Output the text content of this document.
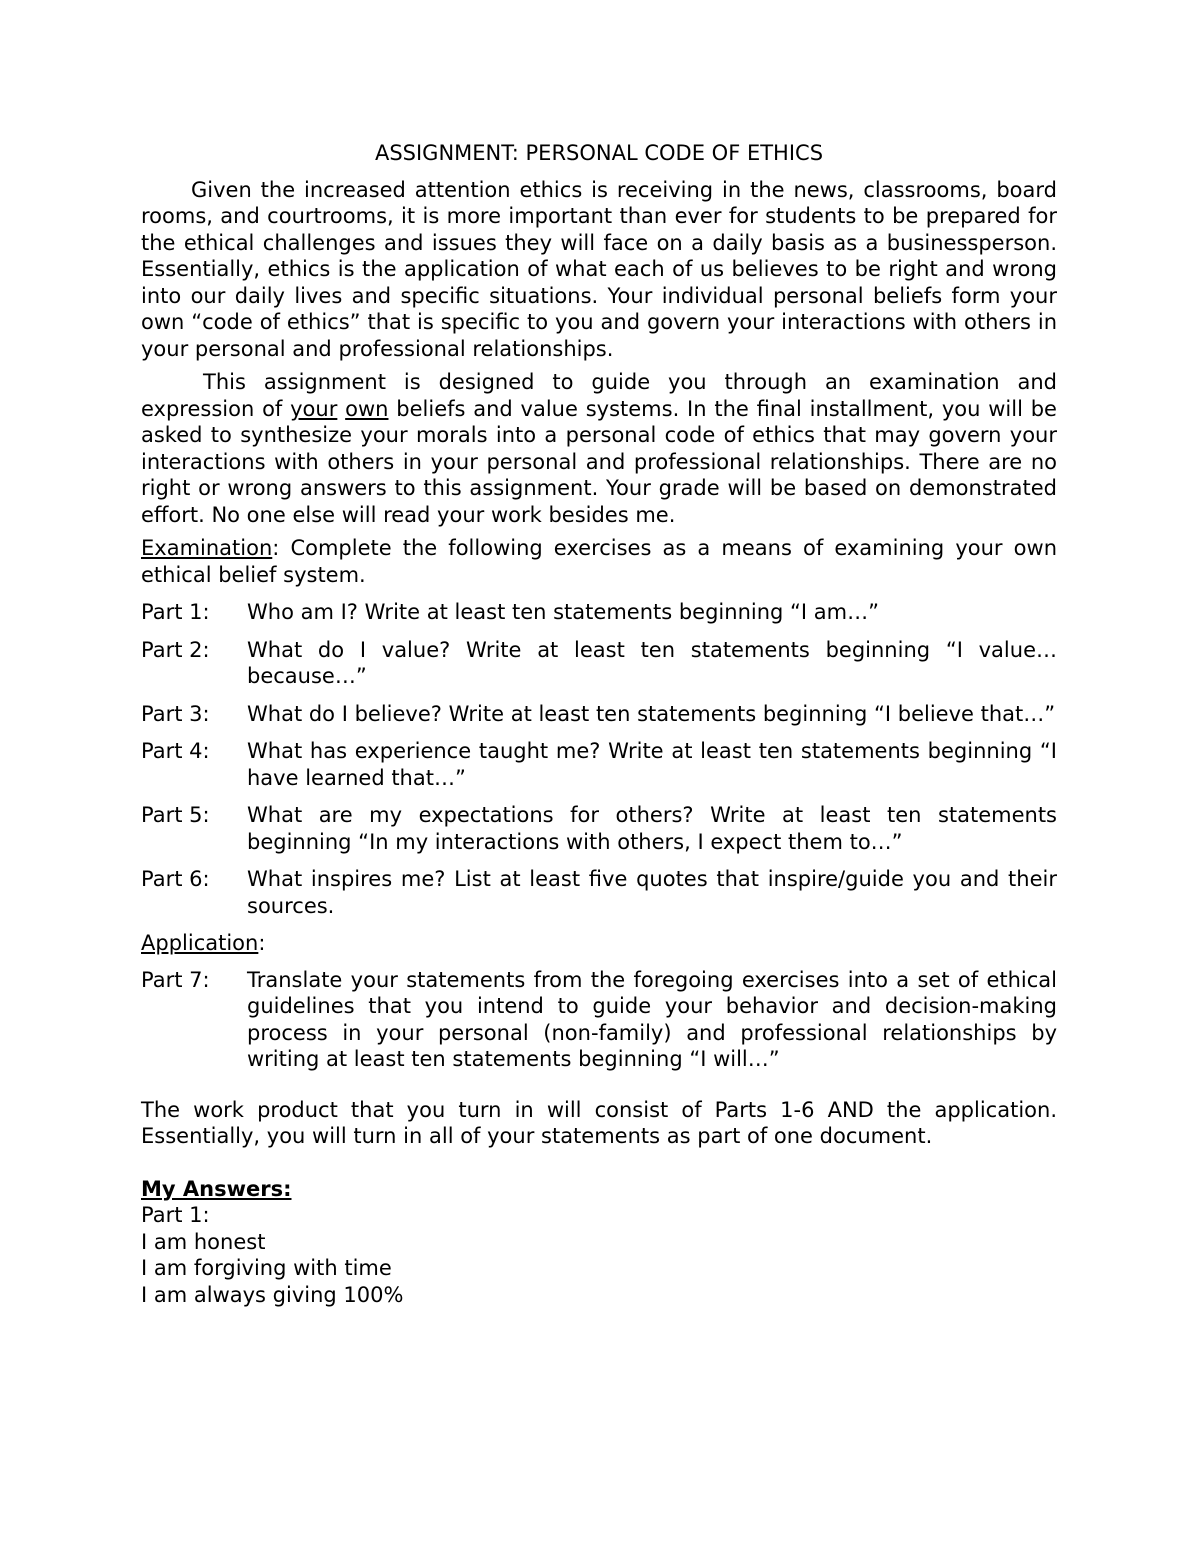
ASSIGNMENT: PERSONAL CODE OF ETHICS

Given the increased attention ethics is receiving in the news, classrooms, board rooms, and courtrooms, it is more important than ever for students to be prepared for the ethical challenges and issues they will face on a daily basis as a businessperson. Essentially, ethics is the application of what each of us believes to be right and wrong into our daily lives and specific situations. Your individual personal beliefs form your own “code of ethics” that is specific to you and govern your interactions with others in your personal and professional relationships.

This assignment is designed to guide you through an examination and expression of your own beliefs and value systems. In the final installment, you will be asked to synthesize your morals into a personal code of ethics that may govern your interactions with others in your personal and professional relationships. There are no right or wrong answers to this assignment. Your grade will be based on demonstrated effort. No one else will read your work besides me.

Examination: Complete the following exercises as a means of examining your own ethical belief system.

Part 1:	Who am I? Write at least ten statements beginning “I am…”
Part 2:	What do I value? Write at least ten statements beginning “I value…because…”
Part 3:	What do I believe? Write at least ten statements beginning “I believe that…”
Part 4:	What has experience taught me? Write at least ten statements beginning “I have learned that…”
Part 5:	What are my expectations for others? Write at least ten statements beginning “In my interactions with others, I expect them to…”
Part 6:	What inspires me? List at least five quotes that inspire/guide you and their sources.

Application:

Part 7:	Translate your statements from the foregoing exercises into a set of ethical guidelines that you intend to guide your behavior and decision-making process in your personal (non-family) and professional relationships by writing at least ten statements beginning “I will…”

The work product that you turn in will consist of Parts 1-6 AND the application. Essentially, you will turn in all of your statements as part of one document.

My Answers:

Part 1:

I am honest

I am forgiving with time

I am always giving 100%
